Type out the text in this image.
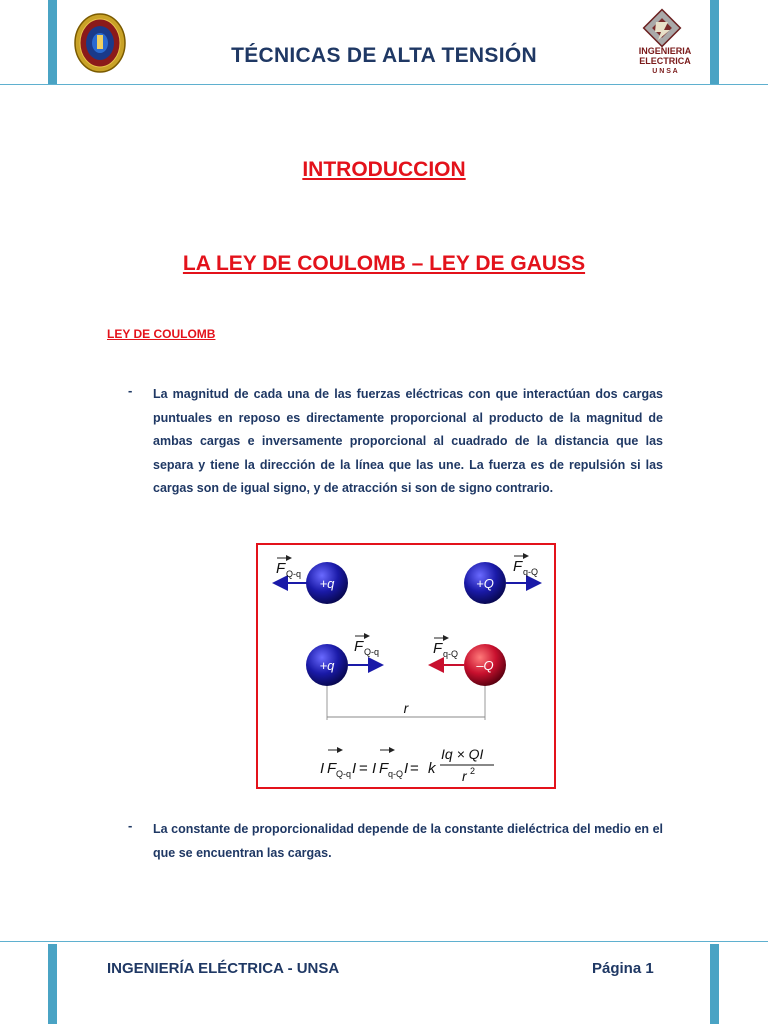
TÉCNICAS DE ALTA TENSIÓN	INGENIERIA
ELECTRICA
U N S A
INTRODUCCION
LA LEY DE COULOMB – LEY DE GAUSS
LEY DE COULOMB
- La magnitud de cada una de las fuerzas eléctricas con que interactúan dos cargas puntuales en reposo es directamente proporcional al producto de la magnitud de ambas cargas e inversamente proporcional al cuadrado de la distancia que las separa y tiene la dirección de la línea que las une. La fuerza es de repulsión si las cargas son de igual signo, y de atracción si son de signo contrario.
+q	+Q
F Q-q	F q-Q
+q	–Q
F Q-q	F q-Q
r
I F Q-q I = I F q-Q I = k
Iq × QI
r 2
- La constante de proporcionalidad depende de la constante dieléctrica del medio en el que se encuentran las cargas.
INGENIERÍA ELÉCTRICA - UNSA	Página 1
